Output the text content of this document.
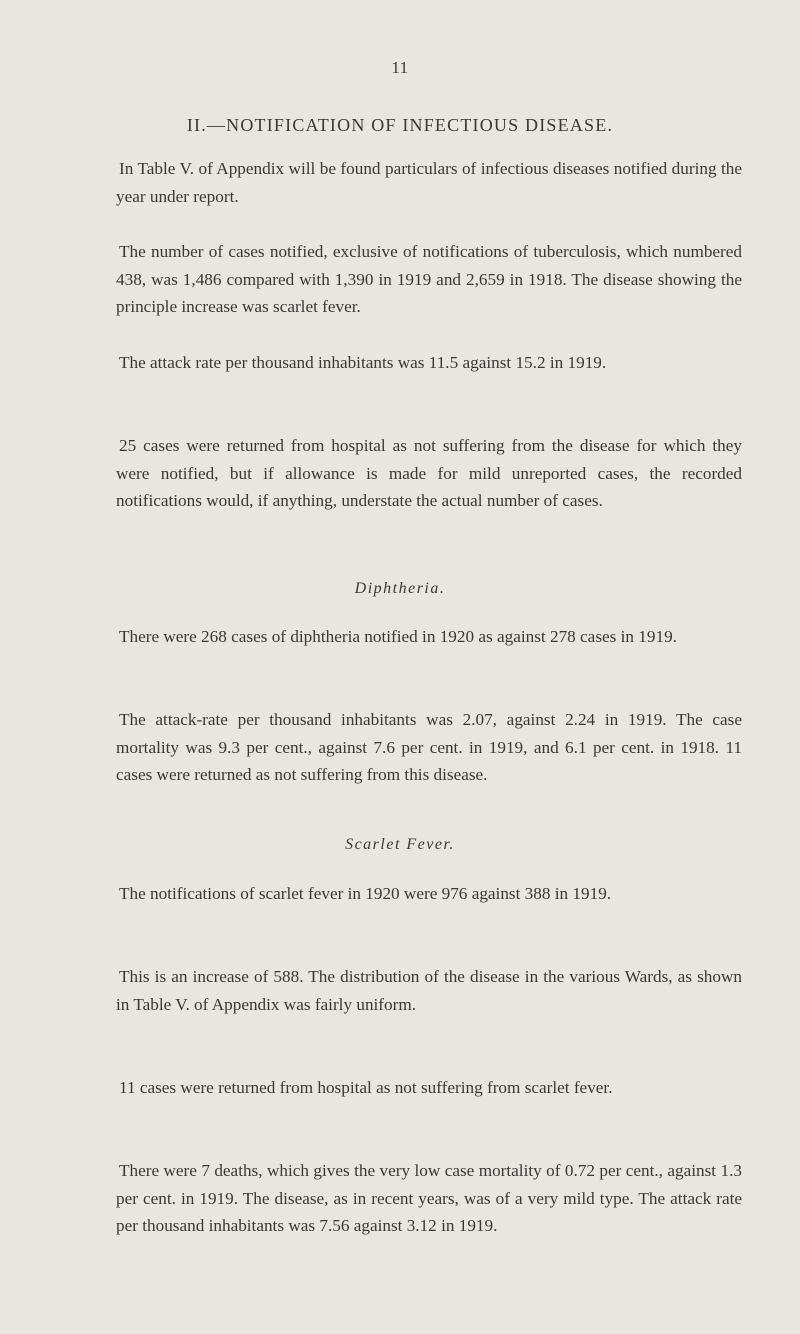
11
II.—NOTIFICATION OF INFECTIOUS DISEASE.

In Table V. of Appendix will be found particulars of infectious diseases notified during the year under report.

The number of cases notified, exclusive of notifications of tuberculosis, which numbered 438, was 1,486 compared with 1,390 in 1919 and 2,659 in 1918. The disease showing the principle increase was scarlet fever.

The attack rate per thousand inhabitants was 11.5 against 15.2 in 1919.

25 cases were returned from hospital as not suffering from the disease for which they were notified, but if allowance is made for mild unreported cases, the recorded notifications would, if anything, understate the actual number of cases.

Diphtheria.

There were 268 cases of diphtheria notified in 1920 as against 278 cases in 1919.

The attack-rate per thousand inhabitants was 2.07, against 2.24 in 1919. The case mortality was 9.3 per cent., against 7.6 per cent. in 1919, and 6.1 per cent. in 1918. 11 cases were returned as not suffering from this disease.

Scarlet Fever.

The notifications of scarlet fever in 1920 were 976 against 388 in 1919.

This is an increase of 588. The distribution of the disease in the various Wards, as shown in Table V. of Appendix was fairly uniform.

11 cases were returned from hospital as not suffering from scarlet fever.

There were 7 deaths, which gives the very low case mortality of 0.72 per cent., against 1.3 per cent. in 1919. The disease, as in recent years, was of a very mild type. The attack rate per thousand inhabitants was 7.56 against 3.12 in 1919.
